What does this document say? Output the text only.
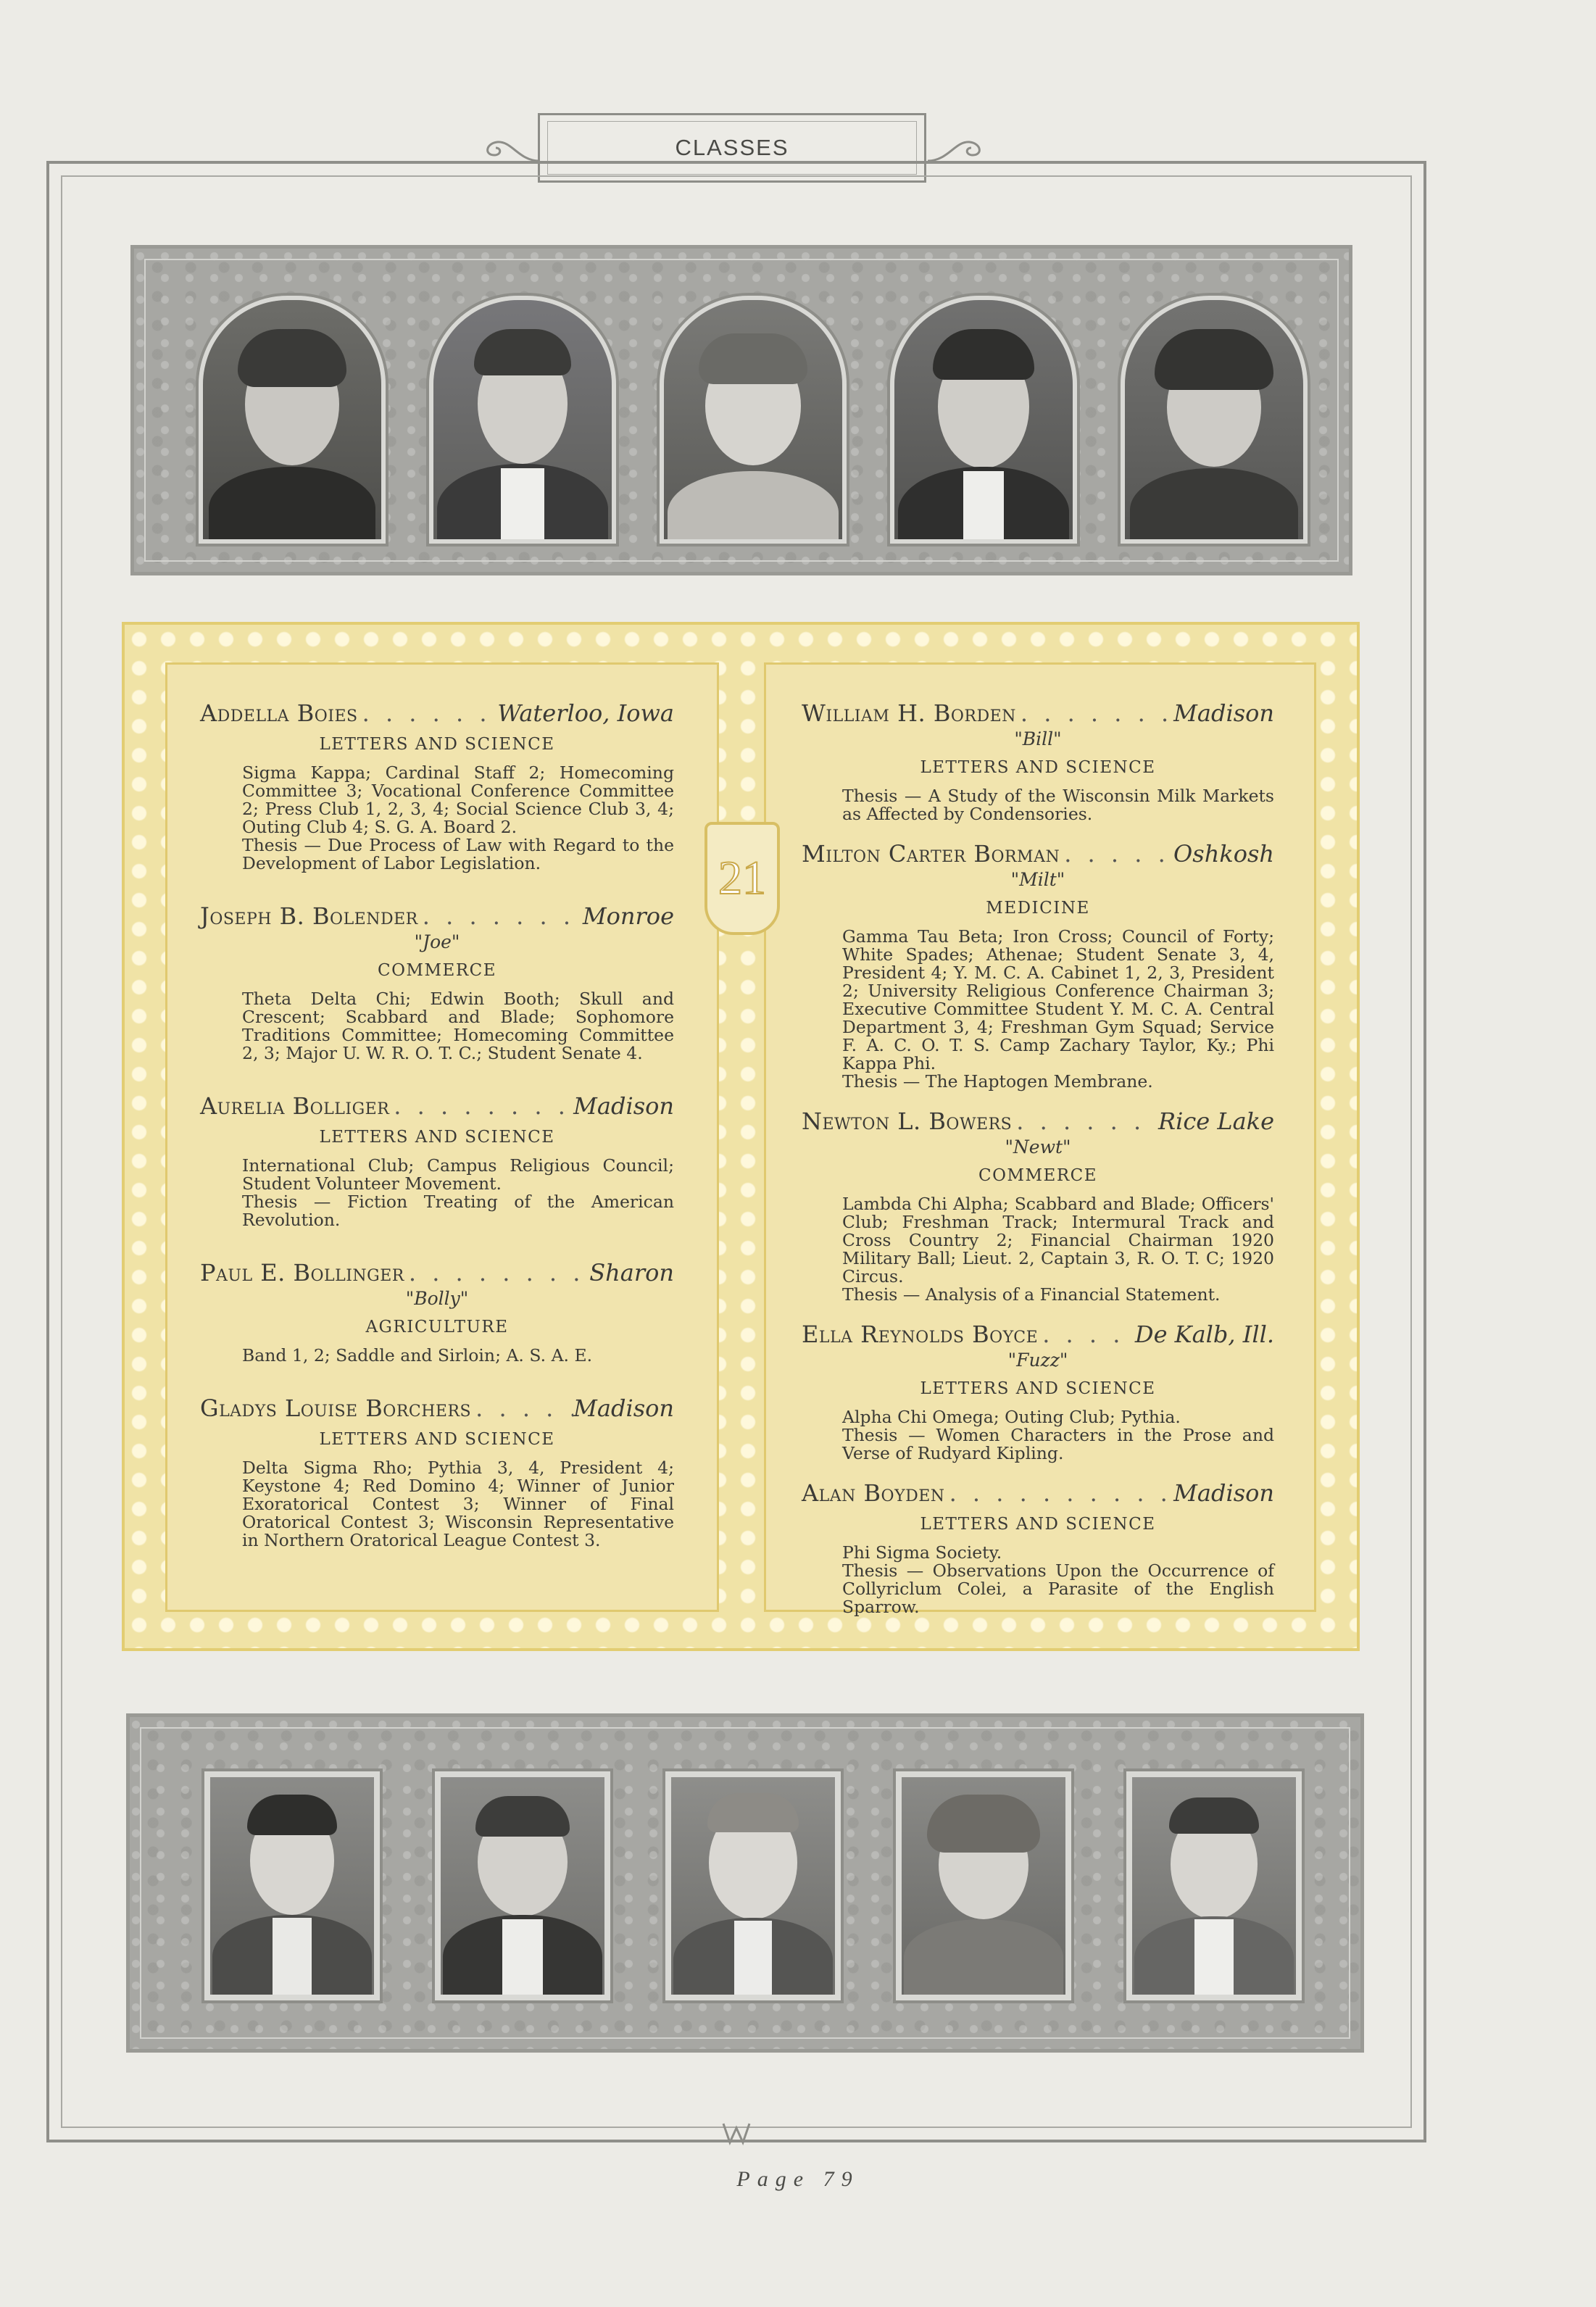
CLASSES
21
Addella Boies . . .	Waterloo, Iowa
LETTERS AND SCIENCE

Sigma Kappa; Cardinal Staff 2; Homecoming Committee 3; Vocational Conference Committee 2; Press Club 1, 2, 3, 4; Social Science Club 3, 4; Outing Club 4; S. G. A. Board 2.

Thesis — Due Process of Law with Regard to the Development of Labor Legislation.

Joseph B. Bolender . . .	Monroe
"Joe"
COMMERCE

Theta Delta Chi; Edwin Booth; Skull and Crescent; Scabbard and Blade; Sophomore Traditions Committee; Homecoming Committee 2, 3; Major U. W. R. O. T. C.; Student Senate 4.

Aurelia Bolliger . . .	Madison
LETTERS AND SCIENCE

International Club; Campus Religious Council; Student Volunteer Movement.

Thesis — Fiction Treating of the American Revolution.

Paul E. Bollinger . . .	Sharon
"Bolly"
AGRICULTURE

Band 1, 2; Saddle and Sirloin; A. S. A. E.

Gladys Louise Borchers . . .	Madison
LETTERS AND SCIENCE

Delta Sigma Rho; Pythia 3, 4, President 4; Keystone 4; Red Domino 4; Winner of Junior Exoratorical Contest 3; Winner of Final Oratorical Contest 3; Wisconsin Representative in Northern Oratorical League Contest 3.

William H. Borden . . .	Madison
"Bill"
LETTERS AND SCIENCE

Thesis — A Study of the Wisconsin Milk Markets as Affected by Condensories.

Milton Carter Borman . . .	Oshkosh
"Milt"
MEDICINE

Gamma Tau Beta; Iron Cross; Council of Forty; White Spades; Athenae; Student Senate 3, 4, President 4; Y. M. C. A. Cabinet 1, 2, 3, President 2; University Religious Conference Chairman 3; Executive Committee Student Y. M. C. A. Central Department 3, 4; Freshman Gym Squad; Service F. A. C. O. T. S. Camp Zachary Taylor, Ky.; Phi Kappa Phi.

Thesis — The Haptogen Membrane.

Newton L. Bowers . . .	Rice Lake
"Newt"
COMMERCE

Lambda Chi Alpha; Scabbard and Blade; Officers' Club; Freshman Track; Intermural Track and Cross Country 2; Financial Chairman 1920 Military Ball; Lieut. 2, Captain 3, R. O. T. C; 1920 Circus.

Thesis — Analysis of a Financial Statement.

Ella Reynolds Boyce . . .	De Kalb, Ill.
"Fuzz"
LETTERS AND SCIENCE

Alpha Chi Omega; Outing Club; Pythia.

Thesis — Women Characters in the Prose and Verse of Rudyard Kipling.

Alan Boyden . . .	Madison
LETTERS AND SCIENCE

Phi Sigma Society.

Thesis — Observations Upon the Occurrence of Collyriclum Colei, a Parasite of the English Sparrow.

Page 79
